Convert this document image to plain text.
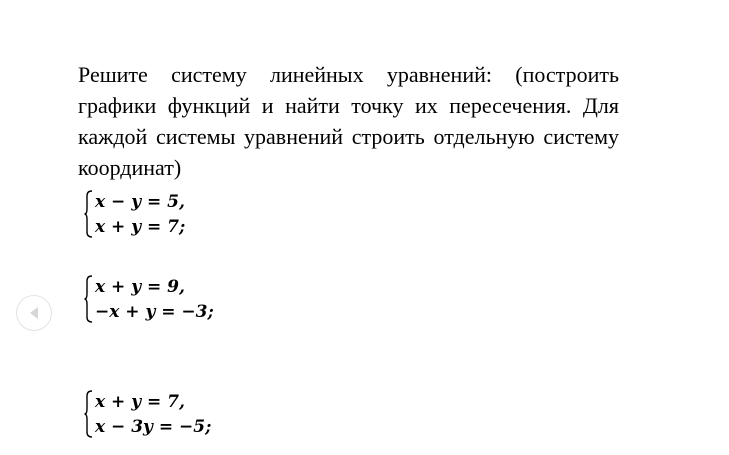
Решите систему линейных уравнений: (построить графики функций и найти точку их пересечения. Для каждой системы уравнений строить отдельную систему координат)
x − y = 5,
x + y = 7;
x + y = 9,
−x + y = −3;
x + y = 7,
x − 3y = −5;
